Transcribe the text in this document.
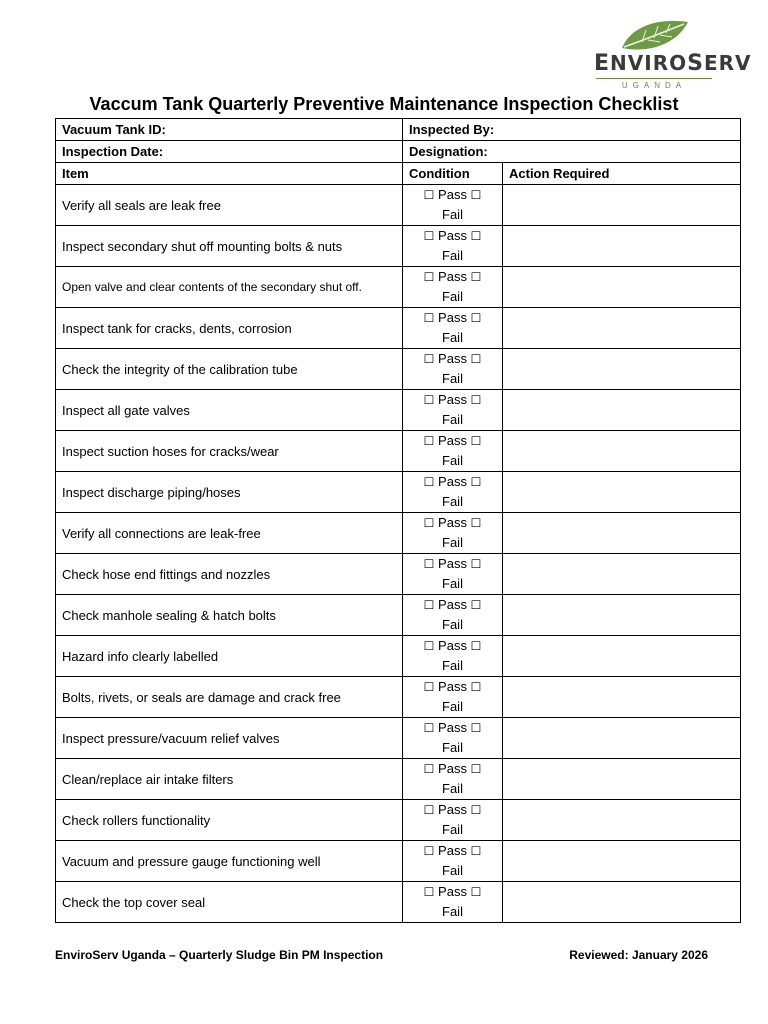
ENVIROSERV
UGANDA
Vaccum Tank Quarterly Preventive Maintenance Inspection Checklist
Vacuum Tank ID:	Inspected By:	
Inspection Date:	Designation:	
Item	Condition	Action Required
Verify all seals are leak free	☐ Pass ☐
Fail	
Inspect secondary shut off mounting bolts & nuts	☐ Pass ☐
Fail	
Open valve and clear contents of the secondary shut off.	☐ Pass ☐
Fail	
Inspect tank for cracks, dents, corrosion	☐ Pass ☐
Fail	
Check the integrity of the calibration tube	☐ Pass ☐
Fail	
Inspect all gate valves	☐ Pass ☐
Fail	
Inspect suction hoses for cracks/wear	☐ Pass ☐
Fail	
Inspect discharge piping/hoses	☐ Pass ☐
Fail	
Verify all connections are leak-free	☐ Pass ☐
Fail	
Check hose end fittings and nozzles	☐ Pass ☐
Fail	
Check manhole sealing & hatch bolts	☐ Pass ☐
Fail	
Hazard info clearly labelled	☐ Pass ☐
Fail	
Bolts, rivets, or seals are damage and crack free	☐ Pass ☐
Fail	
Inspect pressure/vacuum relief valves	☐ Pass ☐
Fail	
Clean/replace air intake filters	☐ Pass ☐
Fail	
Check rollers functionality	☐ Pass ☐
Fail	
Vacuum and pressure gauge functioning well	☐ Pass ☐
Fail	
Check the top cover seal	☐ Pass ☐
Fail	
EnviroServ Uganda – Quarterly Sludge Bin PM Inspection	Reviewed: January 2026
